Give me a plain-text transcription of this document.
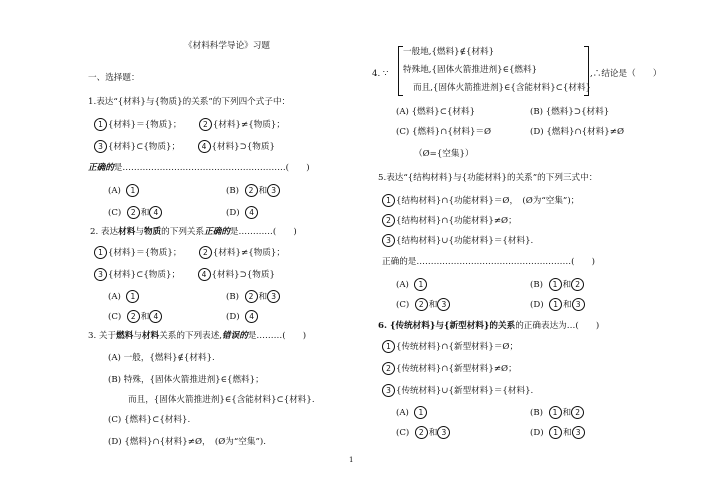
《材料科学导论》习题
一、选择题：
1.表达“{材料}与{物质}的关系”的下列四个式子中：
1 {材料}＝{物质}；	2 {材料}≠{物质}；
3 {材料}⊂{物质}；	4 {材料}⊃{物质}
正确的是…………………………………………………(　　)
(A) 1	(B) 2 和 3
(C) 2 和 4	(D) 4
2. 表达材料与物质的下列关系正确的是…………(　　)
1 {材料}＝{物质}；	2 {材料}≠{物质}；
3 {材料}⊂{物质}；	4 {材料}⊃{物质}
(A) 1	(B) 2 和 3
(C) 2 和 4	(D) 4
3. 关于燃料与材料关系的下列表述,错误的是………(　　)
(A) 一般，{燃料}∉{材料}.
(B) 特殊，{固体火箭推进剂}∈{燃料}；
而且，{固体火箭推进剂}∈{含能材料}⊂{材料}.
(C) {燃料}⊂{材料}.
(D) {燃料}∩{材料}≠Ø，　(Ø为“空集”).
4. ∵
一般地,{燃料}∉{材料}
特殊地,{固体火箭推进剂}∈{燃料}
而且,{固体火箭推进剂}∈{含能材料}⊂{材料}
,∴结论是（　　）
(A) {燃料}⊂{材料}	(B) {燃料}⊃{材料}
(C) {燃料}∩{材料}＝Ø	(D) {燃料}∩{材料}≠Ø
（Ø={空集}）
5.表达“{结构材料}与{功能材料}的关系”的下列三式中：
1 {结构材料}∩{功能材料}＝Ø，　(Ø为“空集”)；
2 {结构材料}∩{功能材料}≠Ø；
3 {结构材料}∪{功能材料}＝{材料}.
正确的是………………………………………………(　　)
(A) 1	(B) 1 和 2
(C) 2 和 3	(D) 1 和 3
6. {传统材料}与{新型材料}的关系的正确表达为…(　　)
1 {传统材料}∩{新型材料}＝Ø；
2 {传统材料}∩{新型材料}≠Ø；
3 {传统材料}∪{新型材料}＝{材料}.
(A) 1	(B) 1 和 2
(C) 2 和 3	(D) 1 和 3
1
